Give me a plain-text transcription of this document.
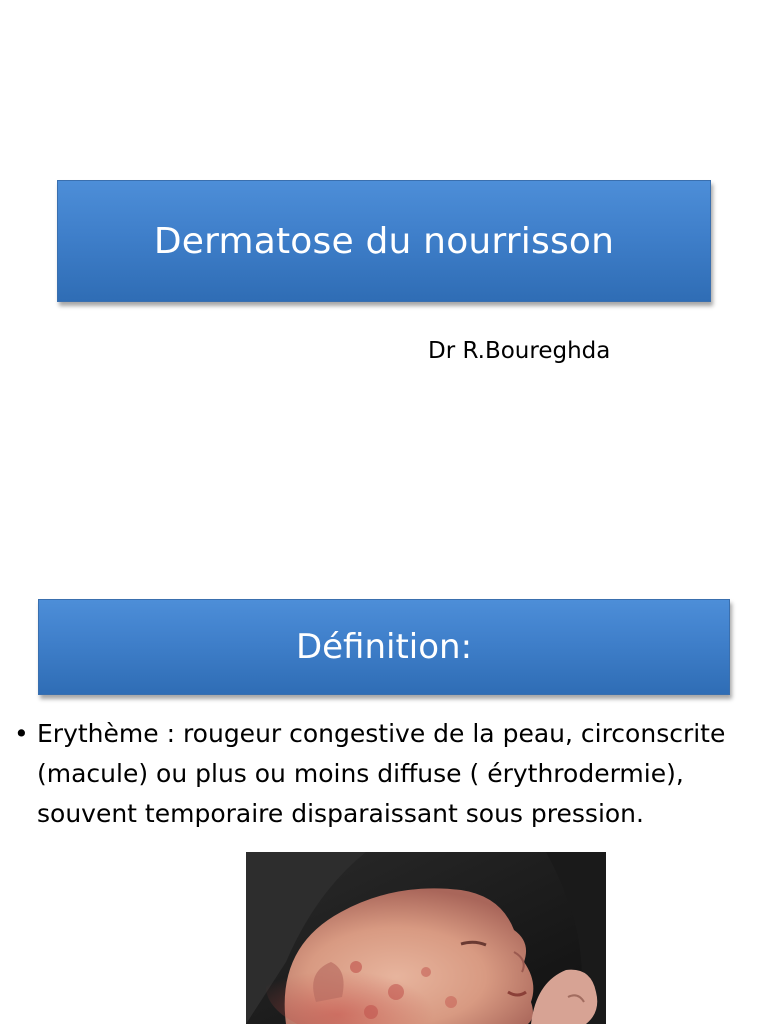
Dermatose du nourrisson
Dr R.Boureghda
Définition:
• Erythème : rougeur congestive de la peau, circonscrite (macule) ou plus ou moins diffuse ( érythrodermie), souvent temporaire disparaissant sous pression.
